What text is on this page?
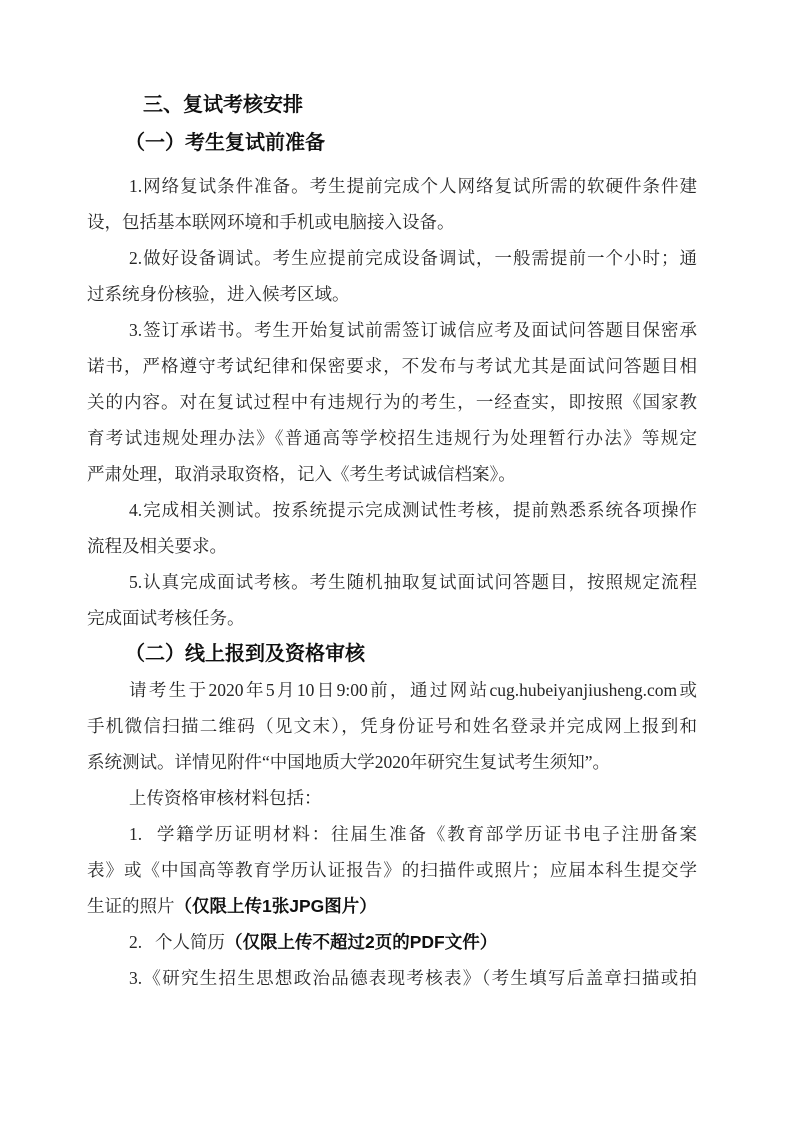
三、复试考核安排
（一）考生复试前准备
1.网络复试条件准备。考生提前完成个人网络复试所需的软硬件条件建
设，包括基本联网环境和手机或电脑接入设备。
2.做好设备调试。考生应提前完成设备调试，一般需提前一个小时；通
过系统身份核验，进入候考区域。
3.签订承诺书。考生开始复试前需签订诚信应考及面试问答题目保密承
诺书，严格遵守考试纪律和保密要求，不发布与考试尤其是面试问答题目相
关的内容。对在复试过程中有违规行为的考生，一经查实，即按照《国家教
育考试违规处理办法》《普通高等学校招生违规行为处理暂行办法》等规定
严肃处理，取消录取资格，记入《考生考试诚信档案》。
4.完成相关测试。按系统提示完成测试性考核，提前熟悉系统各项操作
流程及相关要求。
5.认真完成面试考核。考生随机抽取复试面试问答题目，按照规定流程
完成面试考核任务。
（二）线上报到及资格审核
请考生于2020年5月10日9:00前，通过网站cug.hubeiyanjiusheng.com或
手机微信扫描二维码（见文末），凭身份证号和姓名登录并完成网上报到和
系统测试。详情见附件“中国地质大学2020年研究生复试考生须知”。
上传资格审核材料包括：
1. 学籍学历证明材料：往届生准备《教育部学历证书电子注册备案
表》或《中国高等教育学历认证报告》的扫描件或照片；应届本科生提交学
生证的照片（仅限上传1张JPG图片）
2. 个人简历（仅限上传不超过2页的PDF文件）
3.《研究生招生思想政治品德表现考核表》（考生填写后盖章扫描或拍
